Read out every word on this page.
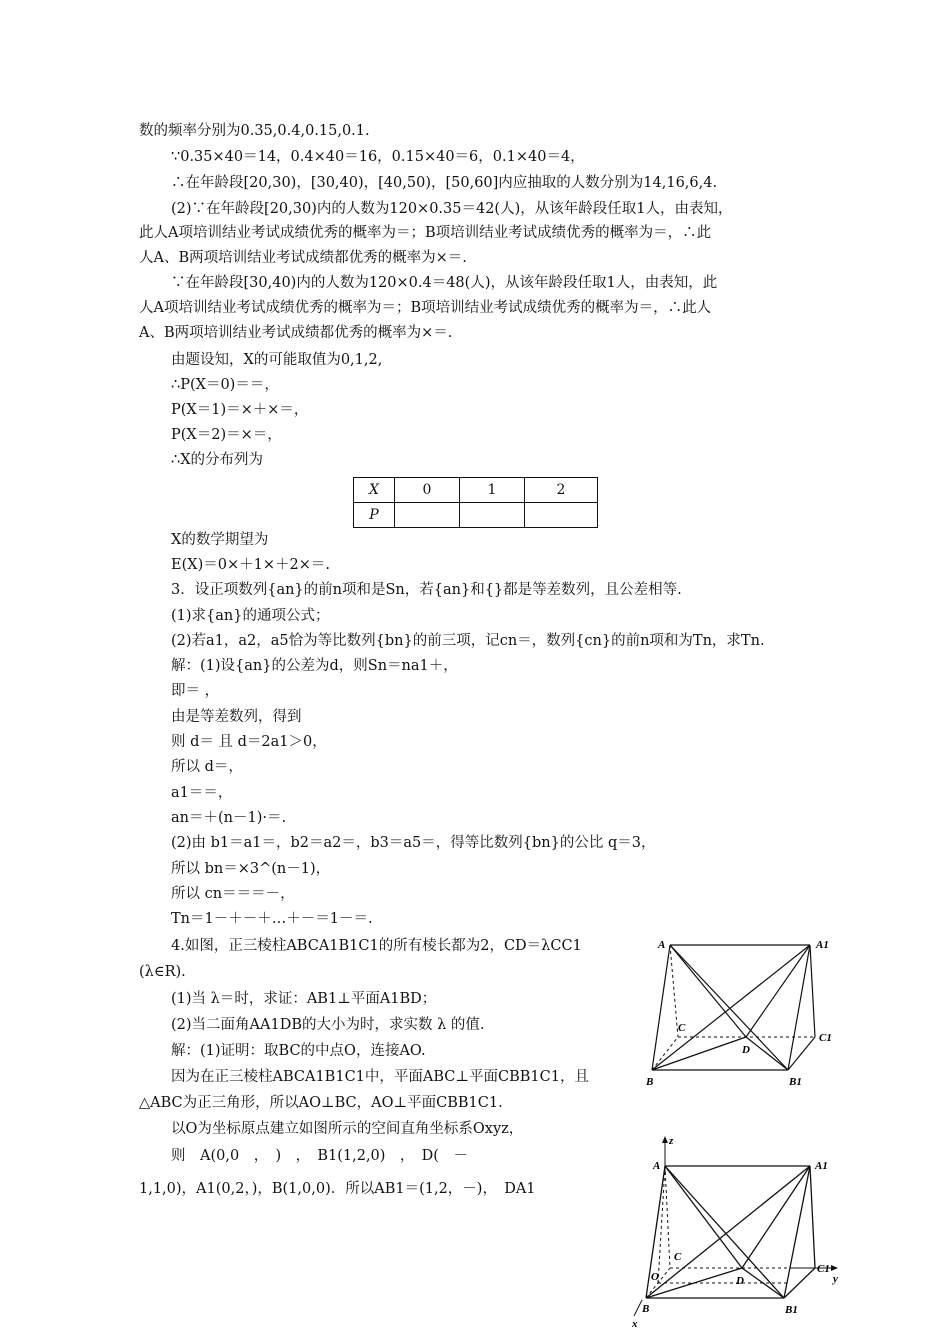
数的频率分别为0.35,0.4,0.15,0.1.
∵0.35×40＝14，0.4×40＝16，0.15×40＝6，0.1×40＝4，
∴在年龄段[20,30)，[30,40)，[40,50)，[50,60]内应抽取的人数分别为14,16,6,4.
(2)∵在年龄段[20,30)内的人数为120×0.35＝42(人)，从该年龄段任取1人，由表知，
此人A项培训结业考试成绩优秀的概率为＝；B项培训结业考试成绩优秀的概率为＝，∴此
人A、B两项培训结业考试成绩都优秀的概率为×＝.
∵在年龄段[30,40)内的人数为120×0.4＝48(人)，从该年龄段任取1人，由表知，此
人A项培训结业考试成绩优秀的概率为＝；B项培训结业考试成绩优秀的概率为＝，∴此人
A、B两项培训结业考试成绩都优秀的概率为×＝.
由题设知，X的可能取值为0,1,2,
∴P(X＝0)＝＝，
P(X＝1)＝×＋×＝，
P(X＝2)＝×＝，
∴X的分布列为
X	0	1	2
P			
X的数学期望为
E(X)＝0×＋1×＋2×＝.
3．设正项数列{an}的前n项和是Sn，若{an}和{}都是等差数列，且公差相等.
(1)求{an}的通项公式；
(2)若a1，a2，a5恰为等比数列{bn}的前三项，记cn＝，数列{cn}的前n项和为Tn，求Tn.
解：(1)设{an}的公差为d，则Sn＝na1＋，
即＝ ，
由是等差数列，得到
则 d＝ 且 d＝2a1＞0，
所以 d＝，
a1＝＝，
an＝＋(n－1)·＝.
(2)由 b1＝a1＝，b2＝a2＝，b3＝a5＝，得等比数列{bn}的公比 q＝3，
所以 bn＝×3^(n－1)，
所以 cn＝＝＝－，
Tn＝1－＋－＋…＋－＝1－＝.
4.如图，正三棱柱ABCA1B1C1的所有棱长都为2，CD＝λCC1
(λ∈R).
(1)当 λ＝时，求证：AB1⊥平面A1BD；
(2)当二面角AA1DB的大小为时，求实数 λ 的值.
解：(1)证明：取BC的中点O，连接AO.
因为在正三棱柱ABCA1B1C1中，平面ABC⊥平面CBB1C1，且
△ABC为正三角形，所以AO⊥BC，AO⊥平面CBB1C1.
以O为坐标原点建立如图所示的空间直角坐标系Oxyz，
则　A(0,0　，　)　，　B1(1,2,0)　，　D(　－
1,1,0)，A1(0,2，)，B(1,0,0)．所以AB1＝(1,2，－)，　DA1
A	A1
C
D
C1
B	B1
z
A	A1
C
O	D
C1
y
B
x
B1
